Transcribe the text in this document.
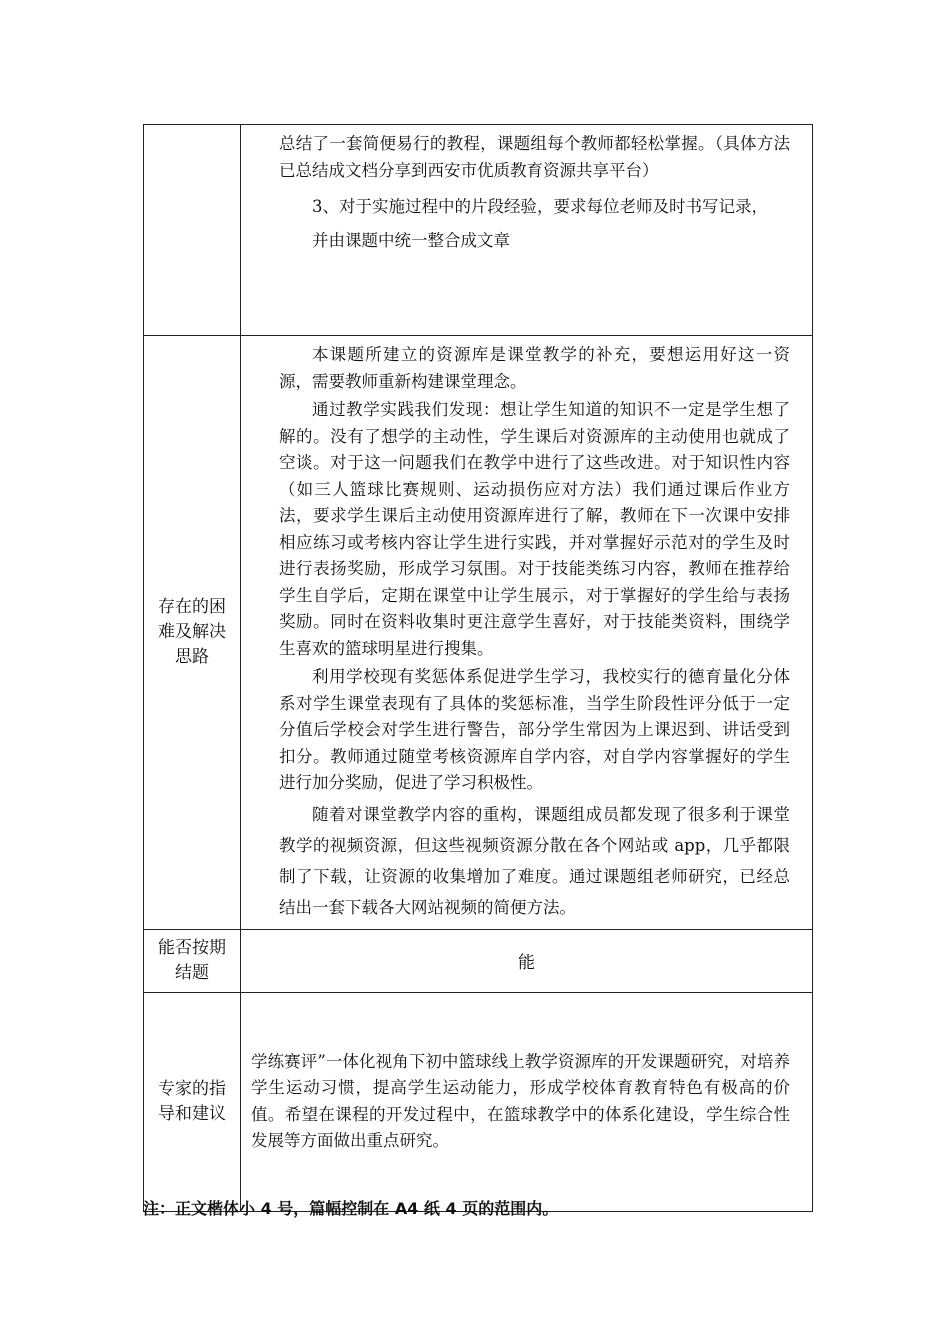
	总结了一套简便易行的教程，课题组每个教师都轻松掌握。（具体方法已总结成文档分享到西安市优质教育资源共享平台）

3、对于实施过程中的片段经验，要求每位老师及时书写记录，

并由课题中统一整合成文章

存在的困难及解决思路	本课题所建立的资源库是课堂教学的补充，要想运用好这一资源，需要教师重新构建课堂理念。

通过教学实践我们发现：想让学生知道的知识不一定是学生想了解的。没有了想学的主动性，学生课后对资源库的主动使用也就成了空谈。对于这一问题我们在教学中进行了这些改进。对于知识性内容（如三人篮球比赛规则、运动损伤应对方法）我们通过课后作业方法，要求学生课后主动使用资源库进行了解，教师在下一次课中安排相应练习或考核内容让学生进行实践，并对掌握好示范对的学生及时进行表扬奖励，形成学习氛围。对于技能类练习内容，教师在推荐给学生自学后，定期在课堂中让学生展示，对于掌握好的学生给与表扬奖励。同时在资料收集时更注意学生喜好，对于技能类资料，围绕学生喜欢的篮球明星进行搜集。

利用学校现有奖惩体系促进学生学习，我校实行的德育量化分体系对学生课堂表现有了具体的奖惩标准，当学生阶段性评分低于一定分值后学校会对学生进行警告，部分学生常因为上课迟到、讲话受到扣分。教师通过随堂考核资源库自学内容，对自学内容掌握好的学生进行加分奖励，促进了学习积极性。

随着对课堂教学内容的重构，课题组成员都发现了很多利于课堂教学的视频资源，但这些视频资源分散在各个网站或 app，几乎都限制了下载，让资源的收集增加了难度。通过课题组老师研究，已经总结出一套下载各大网站视频的简便方法。

能否按期结题	能
专家的指导和建议	学练赛评”一体化视角下初中篮球线上教学资源库的开发课题研究，对培养学生运动习惯，提高学生运动能力，形成学校体育教育特色有极高的价值。希望在课程的开发过程中，在篮球教学中的体系化建设，学生综合性发展等方面做出重点研究。

注：正文楷体小 4 号，篇幅控制在 A4 纸 4 页的范围内。
